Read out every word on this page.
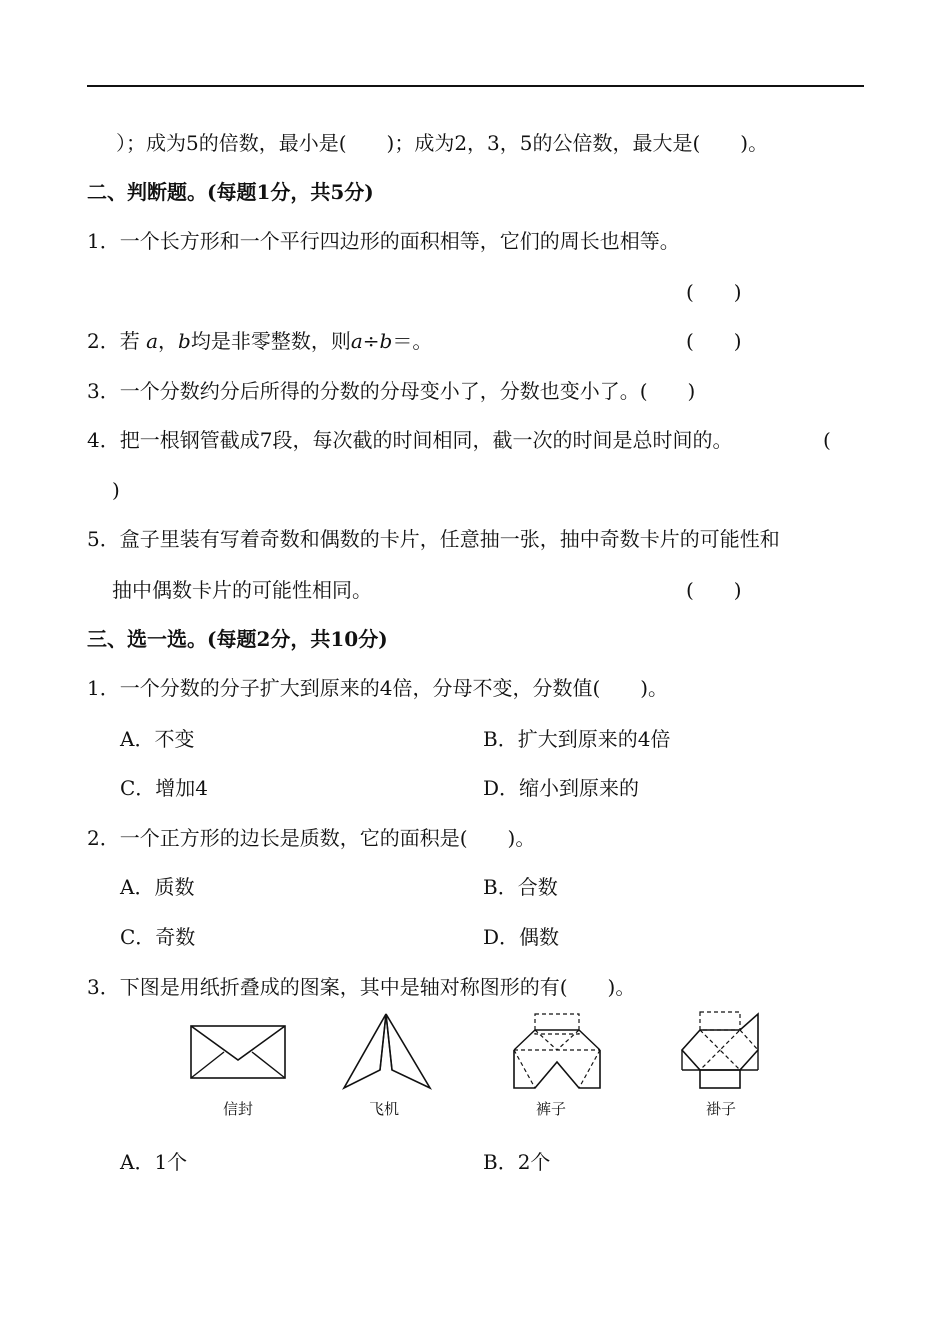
）；成为5的倍数，最小是(　　)；成为2，3，5的公倍数，最大是(　　)。
二、判断题。(每题1分，共5分)
1．一个长方形和一个平行四边形的面积相等，它们的周长也相等。
(　　)
2．若 a，b均是非零整数，则a÷b＝。	(　　)
3．一个分数约分后所得的分数的分母变小了，分数也变小了。(　　)
4．把一根钢管截成7段，每次截的时间相同，截一次的时间是总时间的。	(
)
5．盒子里装有写着奇数和偶数的卡片，任意抽一张，抽中奇数卡片的可能性和
抽中偶数卡片的可能性相同。	(　　)
三、选一选。(每题2分，共10分)
1．一个分数的分子扩大到原来的4倍，分母不变，分数值(　　)。
A．不变	B．扩大到原来的4倍
C．增加4	D．缩小到原来的
2．一个正方形的边长是质数，它的面积是(　　)。
A．质数	B．合数
C．奇数	D．偶数
3．下图是用纸折叠成的图案，其中是轴对称图形的有(　　)。
信封	飞机	裤子	褂子
A．1个	B．2个
